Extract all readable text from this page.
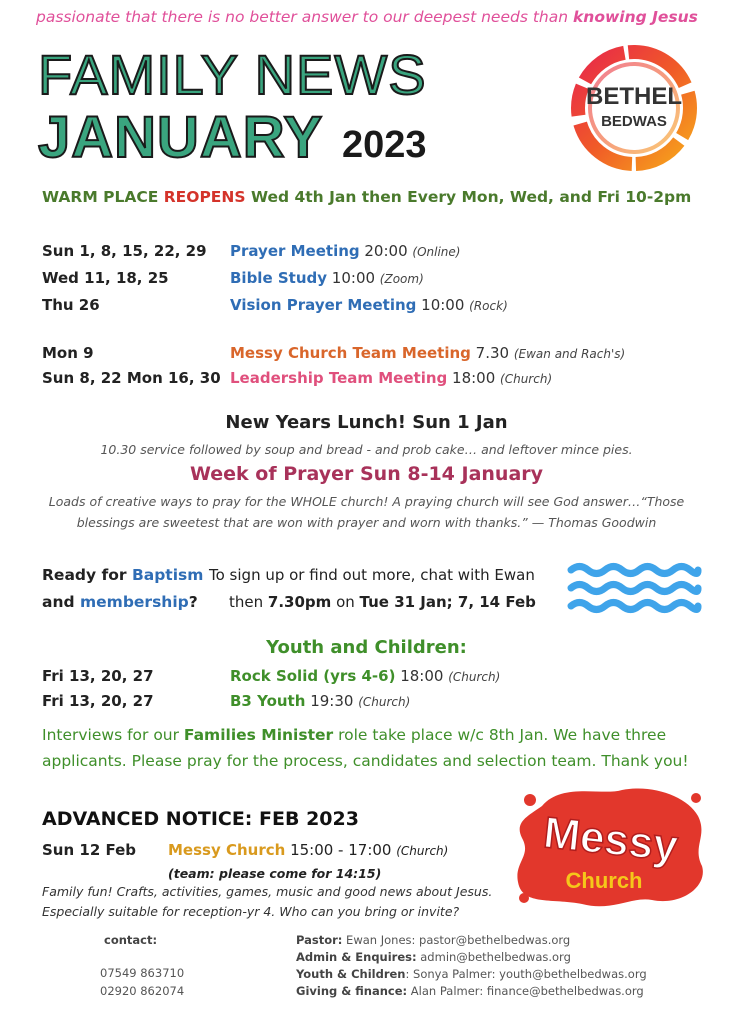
passionate that there is no better answer to our deepest needs than knowing Jesus
FAMILY NEWS
JANUARY 2023
BETHEL
BEDWAS
WARM PLACE REOPENS Wed 4th Jan then Every Mon, Wed, and Fri 10-2pm
Sun 1, 8, 15, 22, 29 Prayer Meeting 20:00 (Online)
Wed 11, 18, 25	Bible Study 10:00 (Zoom)
Thu 26	Vision Prayer Meeting 10:00 (Rock)
Mon 9	Messy Church Team Meeting 7.30 (Ewan and Rach's)
Sun 8, 22 Mon 16, 30 Leadership Team Meeting 18:00 (Church)
New Years Lunch! Sun 1 Jan
10.30 service followed by soup and bread - and prob cake… and leftover mince pies.
Week of Prayer Sun 8-14 January
Loads of creative ways to pray for the WHOLE church! A praying church will see God answer…“Those
blessings are sweetest that are won with prayer and worn with thanks.” — Thomas Goodwin
Ready for Baptism
and membership?
To sign up or find out more, chat with Ewan
then 7.30pm on Tue 31 Jan; 7, 14 Feb
Youth and Children:
Fri 13, 20, 27	Rock Solid (yrs 4-6) 18:00 (Church)
Fri 13, 20, 27	B3 Youth 19:30 (Church)
Interviews for our Families Minister role take place w/c 8th Jan. We have three
applicants. Please pray for the process, candidates and selection team. Thank you!
ADVANCED NOTICE: FEB 2023
Sun 12 Feb Messy Church 15:00 - 17:00 (Church)
(team: please come for 14:15)
Family fun! Crafts, activities, games, music and good news about Jesus.
Especially suitable for reception-yr 4. Who can you bring or invite?
Messy
Church
contact:
07549 863710
02920 862074
Pastor: Ewan Jones: pastor@bethelbedwas.org
Admin & Enquires: admin@bethelbedwas.org
Youth & Children: Sonya Palmer: youth@bethelbedwas.org
Giving & finance: Alan Palmer: finance@bethelbedwas.org
